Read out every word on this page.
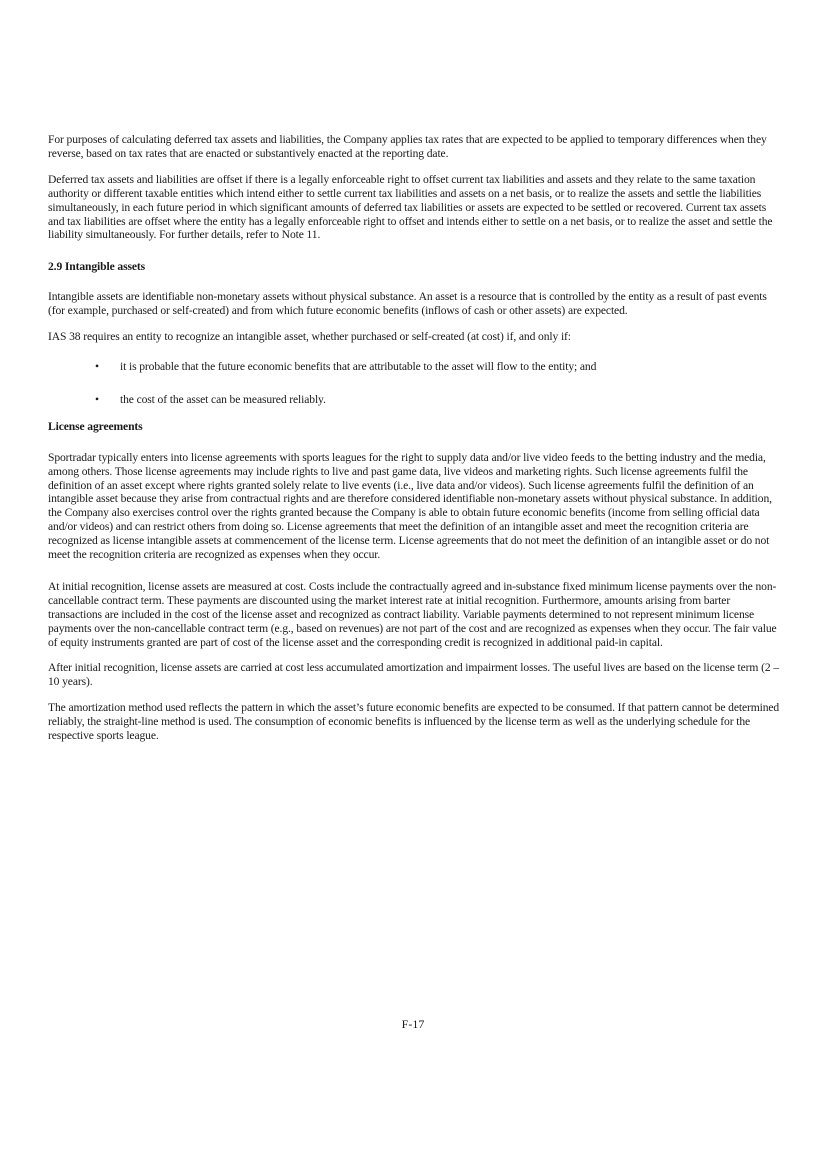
For purposes of calculating deferred tax assets and liabilities, the Company applies tax rates that are expected to be applied to temporary differences when they reverse, based on tax rates that are enacted or substantively enacted at the reporting date.

Deferred tax assets and liabilities are offset if there is a legally enforceable right to offset current tax liabilities and assets and they relate to the same taxation authority or different taxable entities which intend either to settle current tax liabilities and assets on a net basis, or to realize the assets and settle the liabilities simultaneously, in each future period in which significant amounts of deferred tax liabilities or assets are expected to be settled or recovered. Current tax assets and tax liabilities are offset where the entity has a legally enforceable right to offset and intends either to settle on a net basis, or to realize the asset and settle the liability simultaneously. For further details, refer to Note 11.

2.9 Intangible assets

Intangible assets are identifiable non-monetary assets without physical substance. An asset is a resource that is controlled by the entity as a result of past events (for example, purchased or self-created) and from which future economic benefits (inflows of cash or other assets) are expected.

IAS 38 requires an entity to recognize an intangible asset, whether purchased or self-created (at cost) if, and only if:

• it is probable that the future economic benefits that are attributable to the asset will flow to the entity; and
• the cost of the asset can be measured reliably.
License agreements

Sportradar typically enters into license agreements with sports leagues for the right to supply data and/or live video feeds to the betting industry and the media, among others. Those license agreements may include rights to live and past game data, live videos and marketing rights. Such license agreements fulfil the definition of an asset except where rights granted solely relate to live events (i.e., live data and/or videos). Such license agreements fulfil the definition of an intangible asset because they arise from contractual rights and are therefore considered identifiable non-monetary assets without physical substance. In addition, the Company also exercises control over the rights granted because the Company is able to obtain future economic benefits (income from selling official data and/or videos) and can restrict others from doing so. License agreements that meet the definition of an intangible asset and meet the recognition criteria are recognized as license intangible assets at commencement of the license term. License agreements that do not meet the definition of an intangible asset or do not meet the recognition criteria are recognized as expenses when they occur.

At initial recognition, license assets are measured at cost. Costs include the contractually agreed and in-substance fixed minimum license payments over the non-cancellable contract term. These payments are discounted using the market interest rate at initial recognition. Furthermore, amounts arising from barter transactions are included in the cost of the license asset and recognized as contract liability. Variable payments determined to not represent minimum license payments over the non-cancellable contract term (e.g., based on revenues) are not part of the cost and are recognized as expenses when they occur. The fair value of equity instruments granted are part of cost of the license asset and the corresponding credit is recognized in additional paid-in capital.

After initial recognition, license assets are carried at cost less accumulated amortization and impairment losses. The useful lives are based on the license term (2 – 10 years).

The amortization method used reflects the pattern in which the asset’s future economic benefits are expected to be consumed. If that pattern cannot be determined reliably, the straight-line method is used. The consumption of economic benefits is influenced by the license term as well as the underlying schedule for the respective sports league.

F-17
